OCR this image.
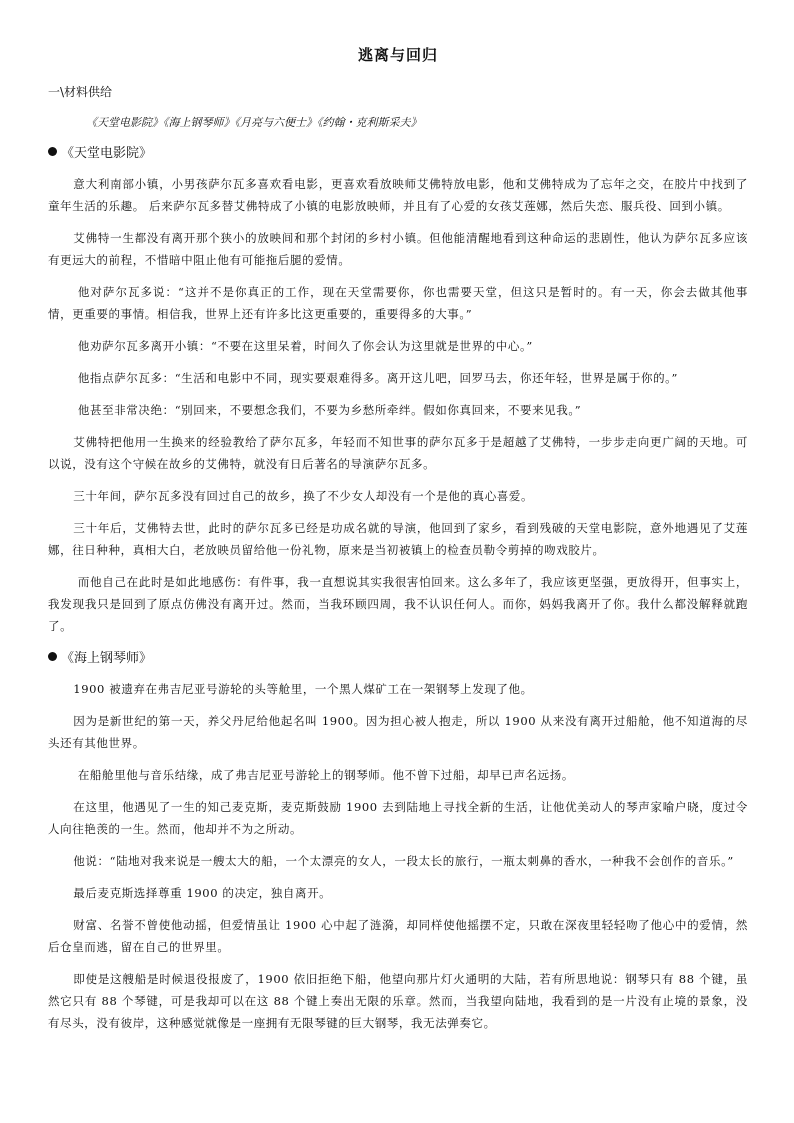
逃离与回归
一\材料供给
《天堂电影院》《海上钢琴师》《月亮与六便士》《约翰・克利斯采夫》
《天堂电影院》

意大利南部小镇，小男孩萨尔瓦多喜欢看电影，更喜欢看放映师艾佛特放电影，他和艾佛特成为了忘年之交，在胶片中找到了童年生活的乐趣。 后来萨尔瓦多替艾佛特成了小镇的电影放映师，并且有了心爱的女孩艾莲娜，然后失恋、服兵役、回到小镇。

艾佛特一生都没有离开那个狭小的放映间和那个封闭的乡村小镇。但他能清醒地看到这种命运的悲剧性，他认为萨尔瓦多应该有更远大的前程，不惜暗中阻止他有可能拖后腿的爱情。

他对萨尔瓦多说：“这并不是你真正的工作，现在天堂需要你，你也需要天堂，但这只是暂时的。有一天，你会去做其他事情，更重要的事情。相信我，世界上还有许多比这更重要的，重要得多的大事。”

他劝萨尔瓦多离开小镇：“不要在这里呆着，时间久了你会认为这里就是世界的中心。”

他指点萨尔瓦多：“生活和电影中不同，现实要艰难得多。离开这儿吧，回罗马去，你还年轻，世界是属于你的。”

他甚至非常决绝：“别回来，不要想念我们，不要为乡愁所牵绊。假如你真回来，不要来见我。”

艾佛特把他用一生换来的经验教给了萨尔瓦多，年轻而不知世事的萨尔瓦多于是超越了艾佛特，一步步走向更广阔的天地。可以说，没有这个守候在故乡的艾佛特，就没有日后著名的导演萨尔瓦多。

三十年间，萨尔瓦多没有回过自己的故乡，换了不少女人却没有一个是他的真心喜爱。

三十年后，艾佛特去世，此时的萨尔瓦多已经是功成名就的导演，他回到了家乡，看到残破的天堂电影院，意外地遇见了艾莲娜，往日种种，真相大白，老放映员留给他一份礼物，原来是当初被镇上的检查员勒令剪掉的吻戏胶片。

而他自己在此时是如此地感伤：有件事，我一直想说其实我很害怕回来。这么多年了，我应该更坚强，更放得开，但事实上，我发现我只是回到了原点仿佛没有离开过。然而，当我环顾四周，我不认识任何人。而你，妈妈我离开了你。我什么都没解释就跑了。

《海上钢琴师》

1900 被遗弃在弗吉尼亚号游轮的头等舱里，一个黑人煤矿工在一架钢琴上发现了他。

因为是新世纪的第一天，养父丹尼给他起名叫 1900。因为担心被人抱走，所以 1900 从来没有离开过船舱，他不知道海的尽头还有其他世界。

在船舱里他与音乐结缘，成了弗吉尼亚号游轮上的钢琴师。他不曾下过船，却早已声名远扬。

在这里，他遇见了一生的知己麦克斯，麦克斯鼓励 1900 去到陆地上寻找全新的生活，让他优美动人的琴声家喻户晓，度过令人向往艳羡的一生。然而，他却并不为之所动。

他说：“陆地对我来说是一艘太大的船，一个太漂亮的女人，一段太长的旅行，一瓶太刺鼻的香水，一种我不会创作的音乐。”

最后麦克斯选择尊重 1900 的决定，独自离开。

财富、名誉不曾使他动摇，但爱情虽让 1900 心中起了涟漪，却同样使他摇摆不定，只敢在深夜里轻轻吻了他心中的爱情，然后仓皇而逃，留在自己的世界里。

即使是这艘船是时候退役报废了，1900 依旧拒绝下船，他望向那片灯火通明的大陆，若有所思地说：钢琴只有 88 个键，虽然它只有 88 个琴键，可是我却可以在这 88 个键上奏出无限的乐章。然而，当我望向陆地，我看到的是一片没有止境的景象，没有尽头，没有彼岸，这种感觉就像是一座拥有无限琴键的巨大钢琴，我无法弹奏它。
